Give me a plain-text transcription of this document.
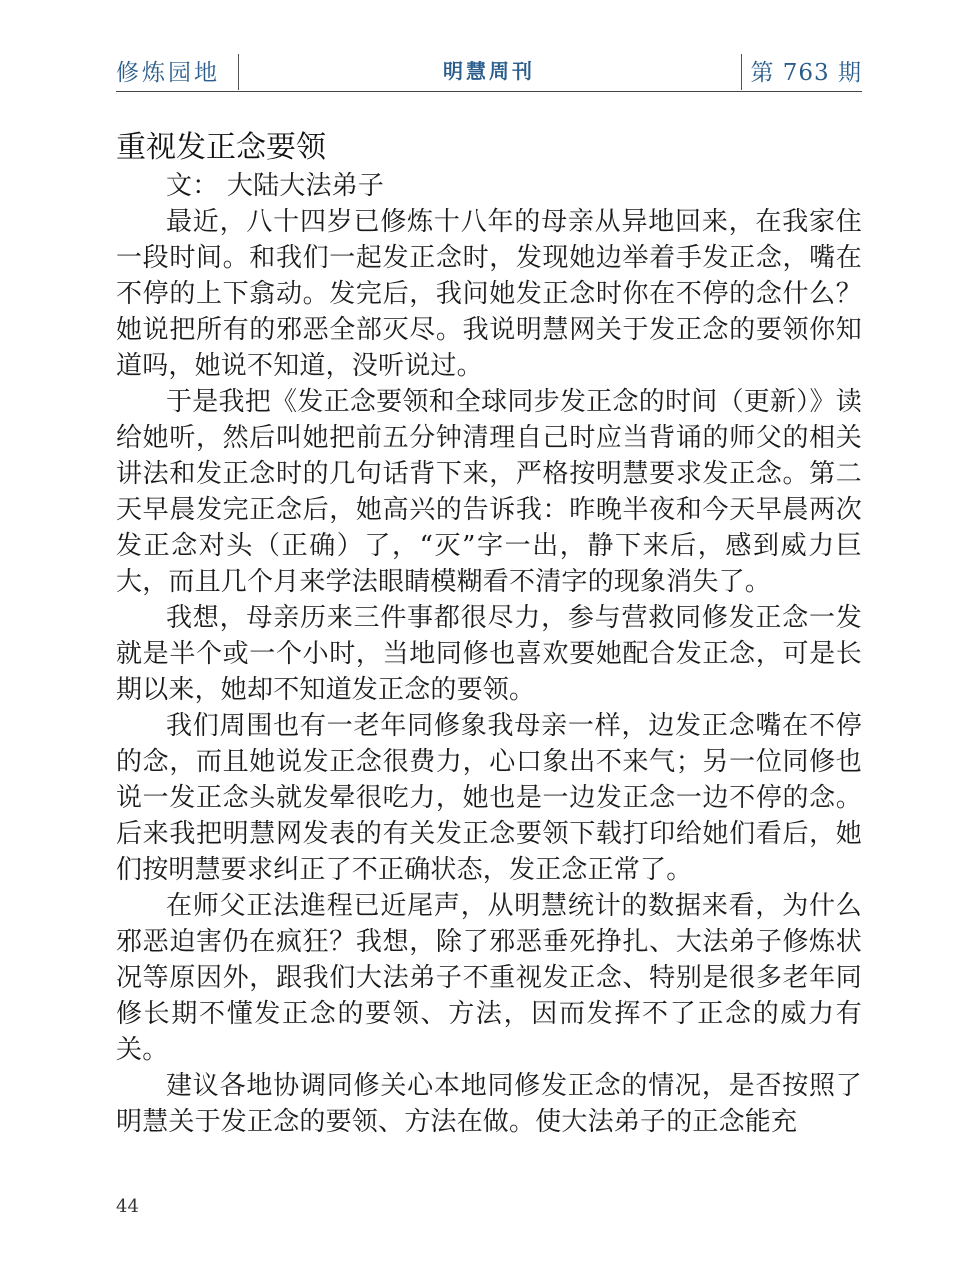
修炼园地	明慧周刊	第 763 期
重视发正念要领

文： 大陆大法弟子

最近，八十四岁已修炼十八年的母亲从异地回来，在我家住一段时间。和我们一起发正念时，发现她边举着手发正念，嘴在不停的上下翕动。发完后，我问她发正念时你在不停的念什么？她说把所有的邪恶全部灭尽。我说明慧网关于发正念的要领你知道吗，她说不知道，没听说过。

于是我把《发正念要领和全球同步发正念的时间（更新）》读给她听，然后叫她把前五分钟清理自己时应当背诵的师父的相关讲法和发正念时的几句话背下来，严格按明慧要求发正念。第二天早晨发完正念后，她高兴的告诉我：昨晚半夜和今天早晨两次发正念对头（正确）了，“灭”字一出，静下来后，感到威力巨大，而且几个月来学法眼睛模糊看不清字的现象消失了。

我想，母亲历来三件事都很尽力，参与营救同修发正念一发就是半个或一个小时，当地同修也喜欢要她配合发正念，可是长期以来，她却不知道发正念的要领。

我们周围也有一老年同修象我母亲一样，边发正念嘴在不停的念，而且她说发正念很费力，心口象出不来气；另一位同修也说一发正念头就发晕很吃力，她也是一边发正念一边不停的念。后来我把明慧网发表的有关发正念要领下载打印给她们看后，她们按明慧要求纠正了不正确状态，发正念正常了。

在师父正法進程已近尾声，从明慧统计的数据来看，为什么邪恶迫害仍在疯狂？我想，除了邪恶垂死挣扎、大法弟子修炼状况等原因外，跟我们大法弟子不重视发正念、特别是很多老年同修长期不懂发正念的要领、方法，因而发挥不了正念的威力有关。

建议各地协调同修关心本地同修发正念的情况，是否按照了明慧关于发正念的要领、方法在做。使大法弟子的正念能充

44
